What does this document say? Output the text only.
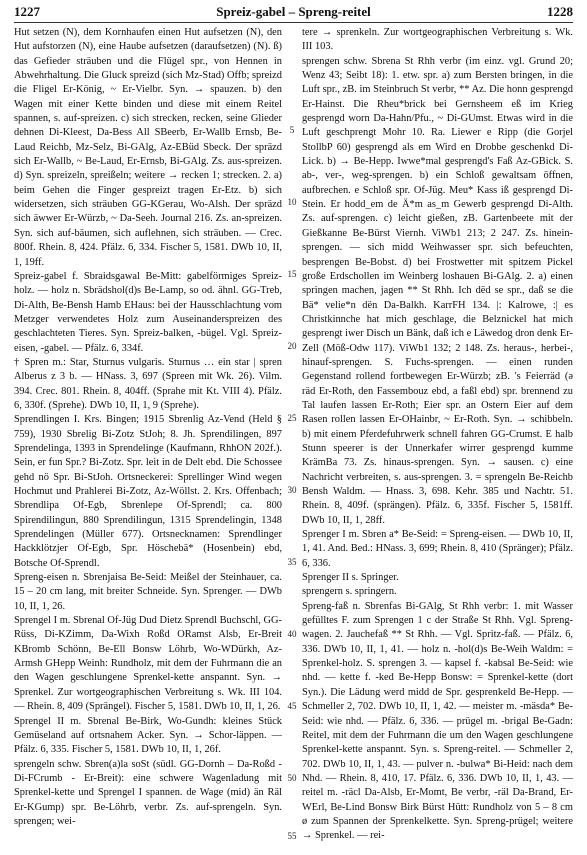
1227	Spreiz-gabel – Spreng-reitel	1228

Hut setzen (N), dem Kornhaufen einen Hut aufsetzen (N), den Hut aufstorzen (N), eine Haube aufsetzen (daraufsetzen) (N). ß) das Gefieder sträuben und die Flügel spr., von Hennen in Abwehrhaltung. Die Gluck spreizd (sich Mz-Stad) Offb; spreizd die Fligel Er-König, ~ Er-Vielbr. Syn. → spauzen. b) den Wagen mit einer Kette binden und diese mit einem Reitel spannen, s. auf-spreizen. c) sich strecken, recken, seine Glieder dehnen Di-Kleest, Da-Bess All SBeerb, Er-Wallb Ernsb, Be-Laud Reichb, Mz-Selz, Bi-GAlg, Az-EBüd Sbeck. Der spräzd sich Er-Wallb, ~ Be-Laud, Er-Ernsb, Bi-GAlg. Zs. aus-spreizen. d) Syn. spreizeln, spreißeln; weitere → recken 1; strecken. 2. a) beim Gehen die Finger gespreizt tragen Er-Etz. b) sich widersetzen, sich sträuben GG-KGerau, Wo-Alsh. Der spräzd sich äwwer Er-Würzb, ~ Da-Seeh. Journal 216. Zs. an-spreizen. Syn. sich auf-bäumen, sich auflehnen, sich sträuben. — Crec. 800f. Rhein. 8, 424. Pfälz. 6, 334. Fischer 5, 1581. DWb 10, II, 1, 19ff.

Spreiz-gabel f. Sbraidsgawal Be-Mitt: gabelförmiges Spreiz-holz. — holz n. Sbrädshol(d)s Be-Lamp, so od. ähnl. GG-Treb, Di-Alth, Be-Bensh Hamb EHaus: bei der Hausschlachtung vom Metzger verwendetes Holz zum Auseinanderspreizen des geschlachteten Tieres. Syn. Spreiz-balken, -bügel. Vgl. Spreiz-eisen, -gabel. — Pfälz. 6, 334f.

† Spren m.: Star, Sturnus vulgaris. Sturnus … ein star | spren Alberus z 3 b. — HNass. 3, 697 (Spreen mit Wk. 26). Vilm. 394. Crec. 801. Rhein. 8, 404ff. (Sprahe mit Kt. VIII 4). Pfälz. 6, 330f. (Sprehe). DWb 10, II, 1, 9 (Sprehe).

Sprendlingen I. Krs. Bingen; 1915 Sbrenlig Az-Vend (Held § 759), 1930 Sbrelig Bi-Zotz StJoh; 8. Jh. Sprendilingen, 897 Sprendelinga, 1393 in Sprendelinge (Kaufmann, RhhON 202f.). Sein, er fun Spr.? Bi-Zotz. Spr. leit in de Delt ebd. Die Schossee gehd nö Spr. Bi-StJoh. Ortsneckerei: Sprellinger Wind wegen Hochmut und Prahlerei Bi-Zotz, Az-Wöllst. 2. Krs. Offenbach; Sbrendlipa Of-Egb, Sbrenlepe Of-Sprendl; ca. 800 Spirendilingun, 880 Sprendilingun, 1315 Sprendelingin, 1348 Sprendelingen (Müller 677). Ortsnecknamen: Sprendlinger Hackklötzjer Of-Egb, Spr. Höschebä* (Hosenbein) ebd, Botsche Of-Sprendl.

Spreng-eisen n. Sbrenjaisa Be-Seid: Meißel der Steinhauer, ca. 15 – 20 cm lang, mit breiter Schneide. Syn. Sprenger. — DWb 10, II, 1, 26.

Sprengel I m. Sbrenal Of-Jüg Dud Dietz Sprendl Buchschl, GG-Rüss, Di-KZimm, Da-Wixh Roßd ORamst Alsb, Er-Breit KBromb Schönn, Be-Ell Bonsw Löhrb, Wo-WDürkh, Az-Armsh GHepp Weinh: Rundholz, mit dem der Fuhrmann die an den Wagen geschlungene Sprenkel-kette anspannt. Syn. → Sprenkel. Zur wortgeographischen Verbreitung s. Wk. III 104. — Rhein. 8, 409 (Sprängel). Fischer 5, 1581. DWb 10, II, 1, 26.

Sprengel II m. Sbrenal Be-Birk, Wo-Gundh: kleines Stück Gemüseland auf ortsnahem Acker. Syn. → Schor-läppen. — Pfälz. 6, 335. Fischer 5, 1581. DWb 10, II, 1, 26f.

sprengeln schw. Sbren(a)la soSt (südl. GG-Dornh – Da-Roßd - Di-FCrumb - Er-Breit): eine schwere Wagenladung mit Sprenkel-kette und Sprengel I spannen. de Wage (mid) än Räl Er-KGump) spr. Be-Löhrb, verbr. Zs. auf-sprengeln. Syn. sprengen; wei-

5
10
15
20
25
30
35
40
45
50
55

tere → sprenkeln. Zur wortgeographischen Verbreitung s. Wk. III 103.

sprengen schw. Sbrena St Rhh verbr (im einz. vgl. Grund 20; Wenz 43; Seibt 18): 1. etw. spr. a) zum Bersten bringen, in die Luft spr., zB. im Steinbruch St verbr, ** Az. Die honn gesprengd Er-Hainst. Die Rheu*brick bei Gernsheem eß im Krieg gesprengd worn Da-Hahn/Pfu., ~ Di-GUmst. Etwas wird in die Luft geschprengt Mohr 10. Ra. Liewer e Ripp (die Gorjel StollbP 60) gesprengd als em Wird en Drobbe geschenkd Di-Lick. b) → Be-Hepp. Iwwe*mal gesprengd's Faß Az-GBick. S. ab-, ver-, weg-sprengen. b) ein Schloß gewaltsam öffnen, aufbrechen. e Schloß spr. Of-Jüg. Meu* Kass iß gesprengd Di-Stein. Er hodd_em de Ä*m as_m Gewerb gesprengd Di-Alth. Zs. auf-sprengen. c) leicht gießen, zB. Gartenbeete mit der Gießkanne Be-Bürst Viernh. ViWb1 213; 2 247. Zs. hinein-sprengen. — sich midd Weihwasser spr. sich befeuchten, besprengen Be-Bobst. d) bei Frostwetter mit spitzem Pickel große Erdschollen im Weinberg loshauen Bi-GAlg. 2. a) einen springen machen, jagen ** St Rhh. Ich dëd se spr., daß se die Bä* velie*n dën Da-Balkh. KarrFH 134. |: Kalrowe, :| es Christkinnche hat mich geschlage, die Belznickel hat mich gesprengt iwer Disch un Bänk, daß ich e Läwedog dron denk Er-Zell (Möß-Odw 117). ViWb1 132; 2 148. Zs. heraus-, herbei-, hinauf-sprengen. S. Fuchs-sprengen. — einen runden Gegenstand rollend fortbewegen Er-Würzb; zB. 's Feierräd (ə räd Er-Roth, den Fassembouz ebd, a faßl ebd) spr. brennend zu Tal laufen lassen Er-Roth; Eier spr. an Ostern Eier auf dem Rasen rollen lassen Er-OHainbr, ~ Er-Roth. Syn. → schibbeln. b) mit einem Pferdefuhrwerk schnell fahren GG-Crumst. E halb Stunn speerer is der Unnerkafer wirrer gesprengd kumme KrämBa 73. Zs. hinaus-sprengen. Syn. → sausen. c) eine Nachricht verbreiten, s. aus-sprengen. 3. = sprengeln Be-Reichb Bensh Waldm. — Hnass. 3, 698. Kehr. 385 und Nachtr. 51. Rhein. 8, 409f. (sprängen). Pfälz. 6, 335f. Fischer 5, 1581ff. DWb 10, II, 1, 28ff.

Sprenger I m. Sbren a* Be-Seid: = Spreng-eisen. — DWb 10, II, 1, 41. And. Bed.: HNass. 3, 699; Rhein. 8, 410 (Spränger); Pfälz. 6, 336.

Sprenger II s. Springer.

sprengern s. springern.

Spreng-faß n. Sbrenfas Bi-GAlg, St Rhh verbr: 1. mit Wasser gefülltes F. zum Sprengen 1 c der Straße St Rhh. Vgl. Spreng-wagen. 2. Jauchefaß ** St Rhh. — Vgl. Spritz-faß. — Pfälz. 6, 336. DWb 10, II, 1, 41. — holz n. -hol(d)s Be-Weih Waldm: = Sprenkel-holz. S. sprengen 3. — kapsel f. -kabsal Be-Seid: wie nhd. — kette f. -ked Be-Hepp Bonsw: = Sprenkel-kette (dort Syn.). Die Lädung werd midd de Spr. gesprenkeld Be-Hepp. — Schmeller 2, 702. DWb 10, II, 1, 42. — meister m. -mäsda* Be-Seid: wie nhd. — Pfälz. 6, 336. — prügel m. -brigal Be-Gadn: Reitel, mit dem der Fuhrmann die um den Wagen geschlungene Sprenkel-kette anspannt. Syn. s. Spreng-reitel. — Schmeller 2, 702. DWb 10, II, 1, 43. — pulver n. -bulwa* Bi-Heid: nach dem Nhd. — Rhein. 8, 410, 17. Pfälz. 6, 336. DWb 10, II, 1, 43. — reitel m. -räcl Da-Alsb, Er-Momt, Be verbr, -räl Da-Brand, Er-WErl, Be-Lind Bonsw Birk Bürst Hütt: Rundholz von 5 – 8 cm ø zum Spannen der Sprenkelkette. Syn. Spreng-prügel; weitere → Sprenkel. — rei-
